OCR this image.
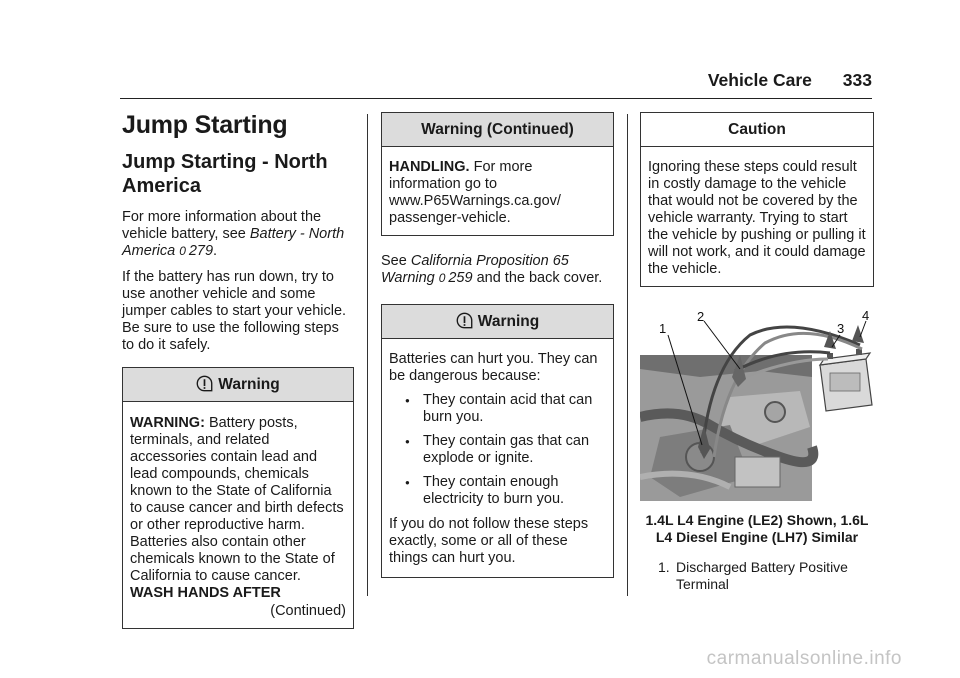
Vehicle Care 333
Jump Starting
Jump Starting - North
America

For more information about the vehicle battery, see Battery - North America 0  279.

If the battery has run down, try to use another vehicle and some jumper cables to start your vehicle. Be sure to use the following steps to do it safely.

Warning
WARNING: Battery posts, terminals, and related accessories contain lead and lead compounds, chemicals known to the State of California to cause cancer and birth defects or other reproductive harm. Batteries also contain other chemicals known to the State of California to cause cancer. WASH HANDS AFTER
(Continued)
Warning (Continued)
HANDLING. For more information go to www.P65Warnings.ca.gov/ passenger-vehicle.

See California Proposition 65 Warning 0  259 and the back cover.

Warning

Batteries can hurt you. They can be dangerous because:

● They contain acid that can burn you.
● They contain gas that can explode or ignite.
● They contain enough electricity to burn you.

If you do not follow these steps exactly, some or all of these things can hurt you.

Caution
Ignoring these steps could result in costly damage to the vehicle that would not be covered by the vehicle warranty. Trying to start the vehicle by pushing or pulling it will not work, and it could damage the vehicle.
1
2
3
4
1.4L L4 Engine (LE2) Shown, 1.6L
L4 Diesel Engine (LH7) Similar
1. Discharged Battery Positive
Terminal
carmanualsonline.info
